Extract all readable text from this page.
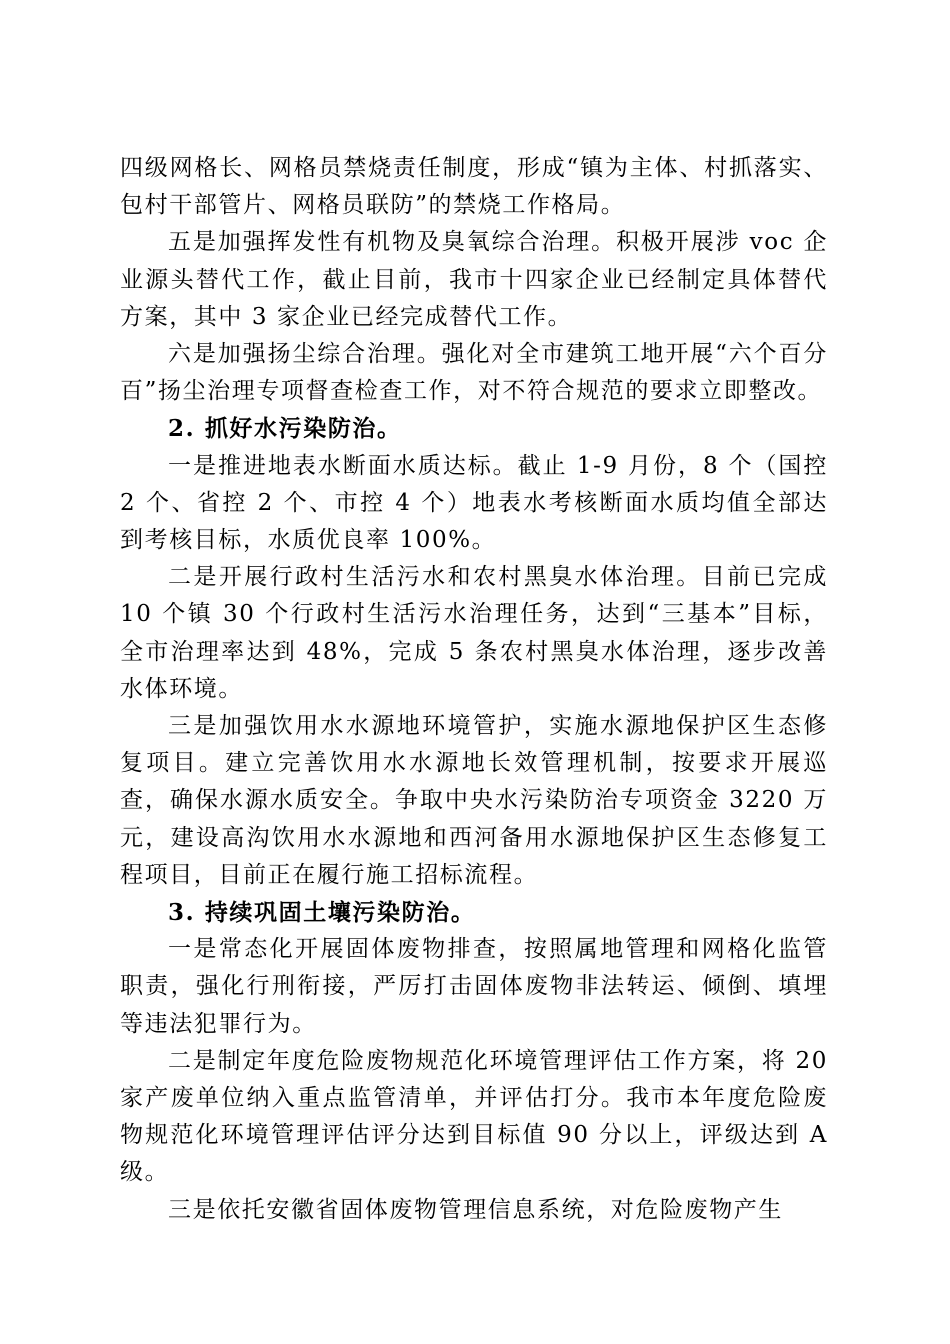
四级网格长、网格员禁烧责任制度，形成“镇为主体、村抓落实、包村干部管片、网格员联防”的禁烧工作格局。

五是加强挥发性有机物及臭氧综合治理。积极开展涉 voc 企业源头替代工作，截止目前，我市十四家企业已经制定具体替代方案，其中 3 家企业已经完成替代工作。

六是加强扬尘综合治理。强化对全市建筑工地开展“六个百分百”扬尘治理专项督查检查工作，对不符合规范的要求立即整改。

2. 抓好水污染防治。

一是推进地表水断面水质达标。截止 1-9 月份，8 个（国控 2 个、省控 2 个、市控 4 个）地表水考核断面水质均值全部达到考核目标，水质优良率 100%。

二是开展行政村生活污水和农村黑臭水体治理。目前已完成 10 个镇 30 个行政村生活污水治理任务，达到“三基本”目标，全市治理率达到 48%，完成 5 条农村黑臭水体治理，逐步改善水体环境。

三是加强饮用水水源地环境管护，实施水源地保护区生态修复项目。建立完善饮用水水源地长效管理机制，按要求开展巡查，确保水源水质安全。争取中央水污染防治专项资金 3220 万元，建设高沟饮用水水源地和西河备用水源地保护区生态修复工程项目，目前正在履行施工招标流程。

3. 持续巩固土壤污染防治。

一是常态化开展固体废物排查，按照属地管理和网格化监管职责，强化行刑衔接，严厉打击固体废物非法转运、倾倒、填埋等违法犯罪行为。

二是制定年度危险废物规范化环境管理评估工作方案，将 20 家产废单位纳入重点监管清单，并评估打分。我市本年度危险废物规范化环境管理评估评分达到目标值 90 分以上，评级达到 A 级。

三是依托安徽省固体废物管理信息系统，对危险废物产生
